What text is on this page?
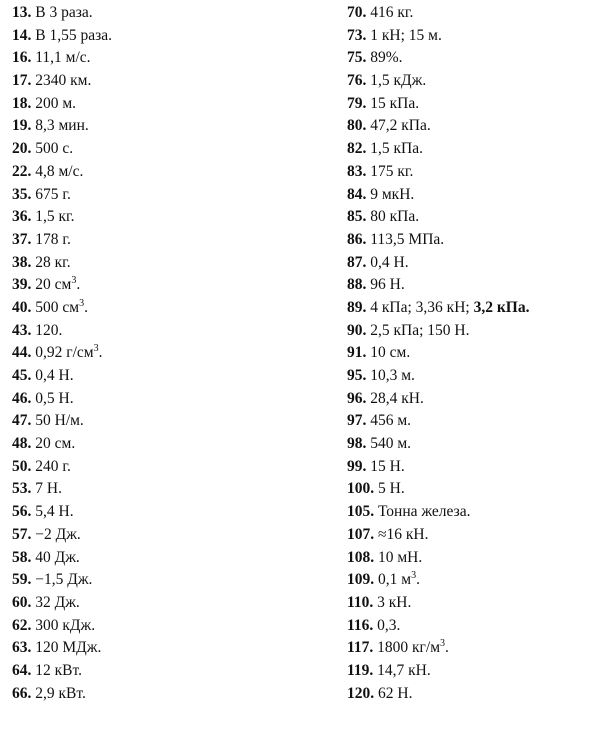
13. В 3 раза.
14. В 1,55 раза.
16. 11,1 м/с.
17. 2340 км.
18. 200 м.
19. 8,3 мин.
20. 500 с.
22. 4,8 м/с.
35. 675 г.
36. 1,5 кг.
37. 178 г.
38. 28 кг.
39. 20 $см^3$.
40. 500 $см^3$.
43. 120.
44. 0,92 $г/см^3$.
45. 0,4 Н.
46. 0,5 Н.
47. 50 Н/м.
48. 20 см.
50. 240 г.
53. 7 Н.
56. 5,4 Н.
57. −2 Дж.
58. 40 Дж.
59. −1,5 Дж.
60. 32 Дж.
62. 300 кДж.
63. 120 МДж.
64. 12 кВт.
66. 2,9 кВт.
70. 416 кг.
73. 1 кН; 15 м.
75. 89%.
76. 1,5 кДж.
79. 15 кПа.
80. 47,2 кПа.
82. 1,5 кПа.
83. 175 кг.
84. 9 мкН.
85. 80 кПа.
86. 113,5 МПа.
87. 0,4 Н.
88. 96 Н.
89. 4 кПа; 3,36 кН; 3,2 кПа.
90. 2,5 кПа; 150 Н.
91. 10 см.
95. 10,3 м.
96. 28,4 кН.
97. 456 м.
98. 540 м.
99. 15 Н.
100. 5 Н.
105. Тонна железа.
107. ≈16 кН.
108. 10 мН.
109. 0,1 $м^3$.
110. 3 кН.
116. 0,3.
117. 1800 $кг/м^3$.
119. 14,7 кН.
120. 62 Н.
